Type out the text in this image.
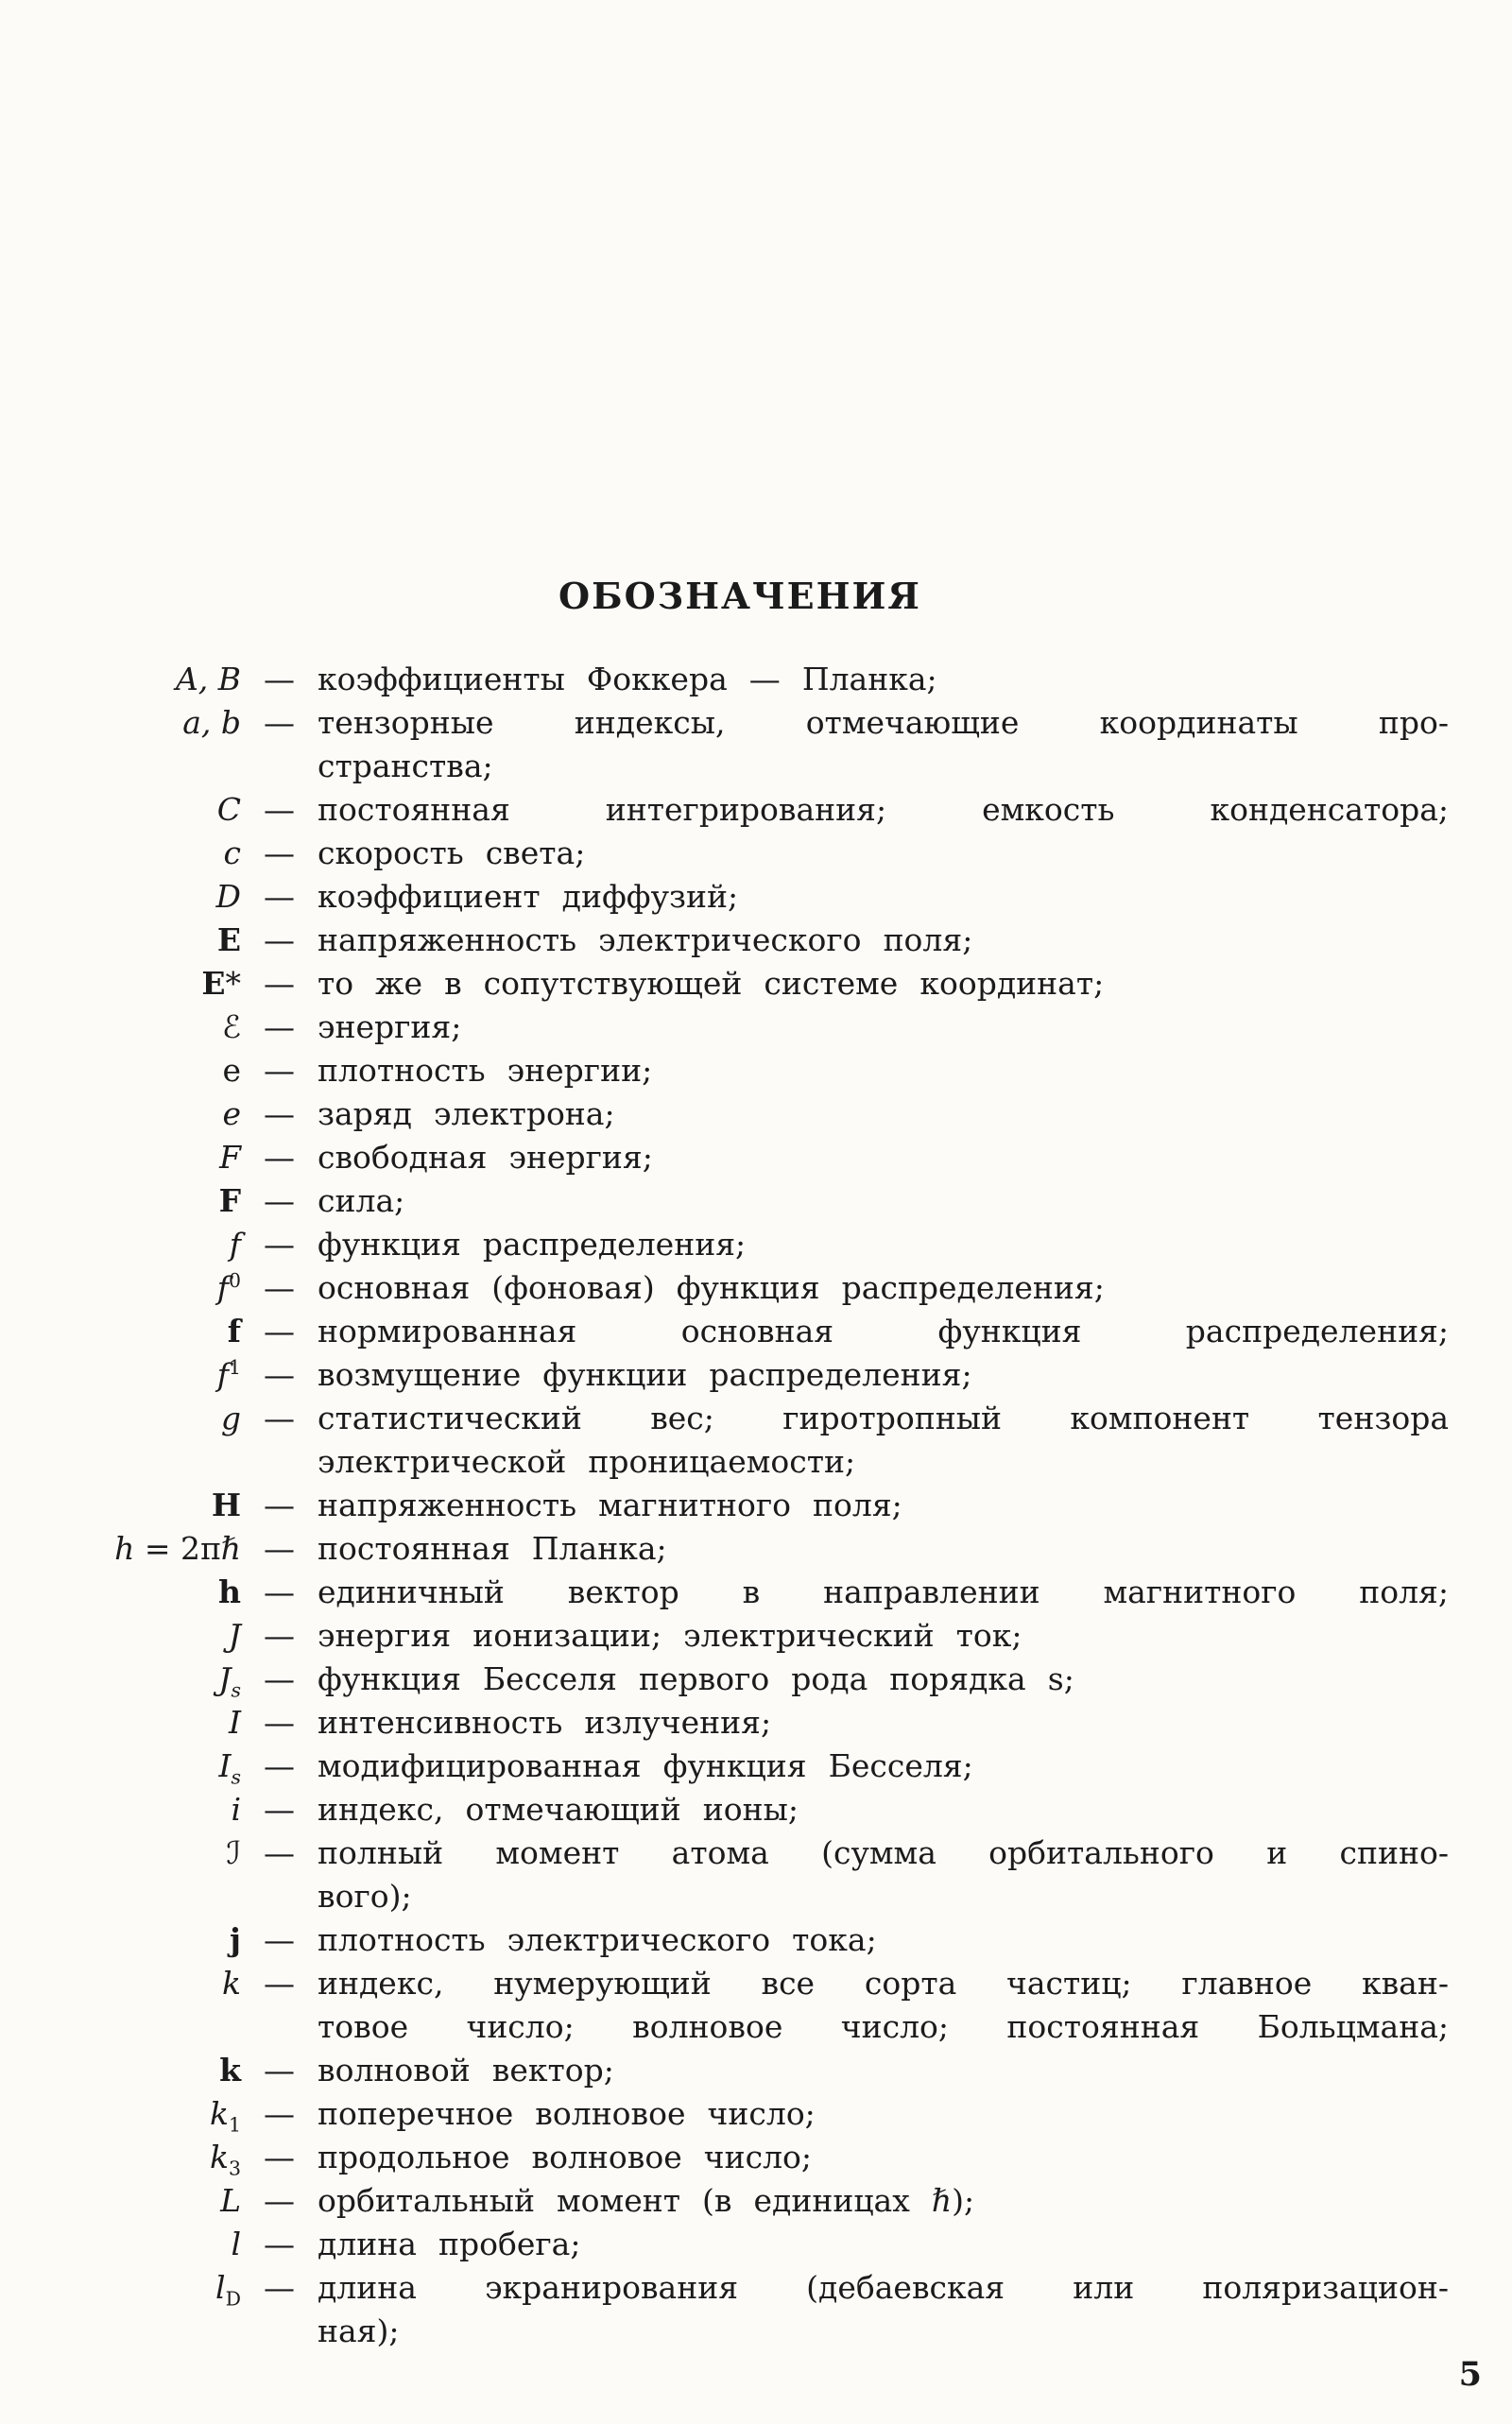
ОБОЗНАЧЕНИЯ
A, B — коэффициенты Фоккера — Планка;
a, b — тензорные индексы, отмечающие координаты про-
странства;
C — постоянная интегрирования; емкость конденсатора;
c — скорость света;
D — коэффициент диффузий;
E — напряженность электрического поля;
E* — то же в сопутствующей системе координат;
ℰ — энергия;
e — плотность энергии;
e — заряд электрона;
F — свободная энергия;
F — сила;
f — функция распределения;
$f^0$ — основная (фоновая) функция распределения;
f — нормированная основная функция распределения;
$f^1$ — возмущение функции распределения;
g — статистический вес; гиротропный компонент тензора
электрической проницаемости;
H — напряженность магнитного поля;
h = 2πℏ — постоянная Планка;
h — единичный вектор в направлении магнитного поля;
J — энергия ионизации; электрический ток;
$J_s$ — функция Бесселя первого рода порядка s;
I — интенсивность излучения;
$I_s$ — модифицированная функция Бесселя;
i — индекс, отмечающий ионы;
ℐ — полный момент атома (сумма орбитального и спино-
вого);
j — плотность электрического тока;
k — индекс, нумерующий все сорта частиц; главное кван-
товое число; волновое число; постоянная Больцмана;
k — волновой вектор;
$k_1$ — поперечное волновое число;
$k_3$ — продольное волновое число;
L — орбитальный момент (в единицах ℏ);
l — длина пробега;
$l_D$ — длина экранирования (дебаевская или поляризацион-
ная);
5
